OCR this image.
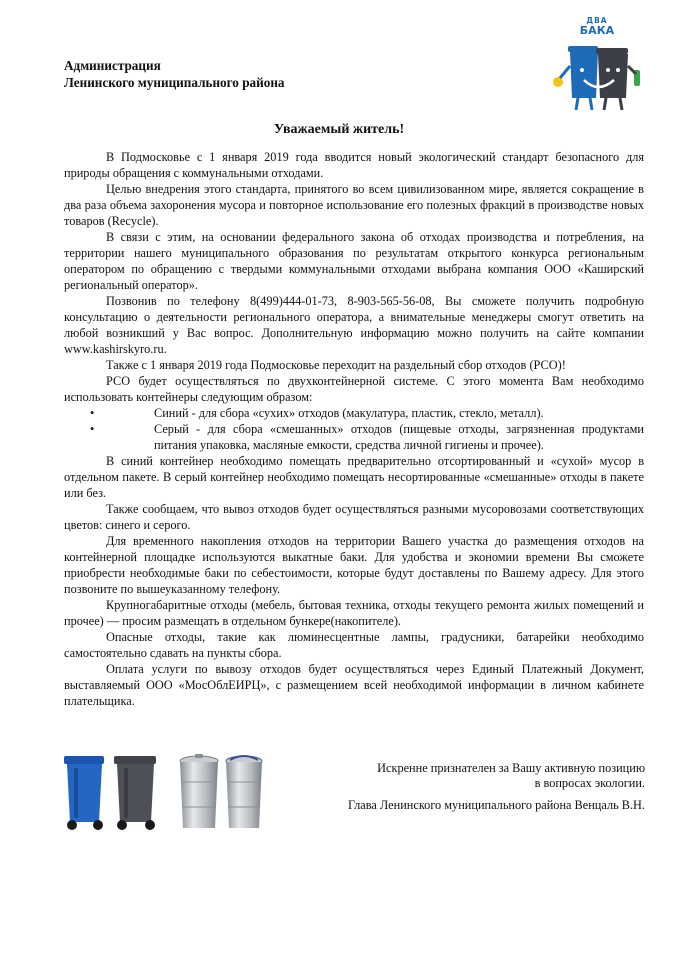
Администрация
Ленинского муниципального района
ДВА
БАКА
Уважаемый житель!

В Подмосковье с 1 января 2019 года вводится новый экологический стандарт безопасного для природы обращения с коммунальными отходами.

Целью внедрения этого стандарта, принятого во всем цивилизованном мире, является сокращение в два раза объема захоронения мусора и повторное использование его полезных фракций в производстве новых товаров (Recycle).

В связи с этим, на основании федерального закона об отходах производства и потребления, на территории нашего муниципального образования по результатам открытого конкурса региональным оператором по обращению с твердыми коммунальными отходами выбрана компания ООО «Каширский региональный оператор».

Позвонив по телефону 8(499)444-01-73, 8-903-565-56-08, Вы сможете получить подробную консультацию о деятельности регионального оператора, а внимательные менеджеры смогут ответить на любой возникший у Вас вопрос. Дополнительную информацию можно получить на сайте компании www.kashirskyro.ru.

Также с 1 января 2019 года Подмосковье переходит на раздельный сбор отходов (РСО)!

РСО будет осуществляться по двухконтейнерной системе. С этого момента Вам необходимо использовать контейнеры следующим образом:

• Синий - для сбора «сухих» отходов (макулатура, пластик, стекло, металл).

• Серый - для сбора «смешанных» отходов (пищевые отходы, загрязненная продуктами питания упаковка, масляные емкости, средства личной гигиены и прочее).

В синий контейнер необходимо помещать предварительно отсортированный и «сухой» мусор в отдельном пакете. В серый контейнер необходимо помещать несортированные «смешанные» отходы в пакете или без.

Также сообщаем, что вывоз отходов будет осуществляться разными мусоровозами соответствующих цветов: синего и серого.

Для временного накопления отходов на территории Вашего участка до размещения отходов на контейнерной площадке используются выкатные баки. Для удобства и экономии времени Вы сможете приобрести необходимые баки по себестоимости, которые будут доставлены по Вашему адресу. Для этого позвоните по вышеуказанному телефону.

Крупногабаритные отходы (мебель, бытовая техника, отходы текущего ремонта жилых помещений и прочее) — просим размещать в отдельном бункере(накопителе).

Опасные отходы, такие как люминесцентные лампы, градусники, батарейки необходимо самостоятельно сдавать на пункты сбора.

Оплата услуги по вывозу отходов будет осуществляться через Единый Платежный Документ, выставляемый ООО «МосОблЕИРЦ», с размещением всей необходимой информации в личном кабинете плательщика.

Искренне признателен за Вашу активную позицию
в вопросах экологии.
Глава Ленинского муниципального района Венцаль В.Н.
